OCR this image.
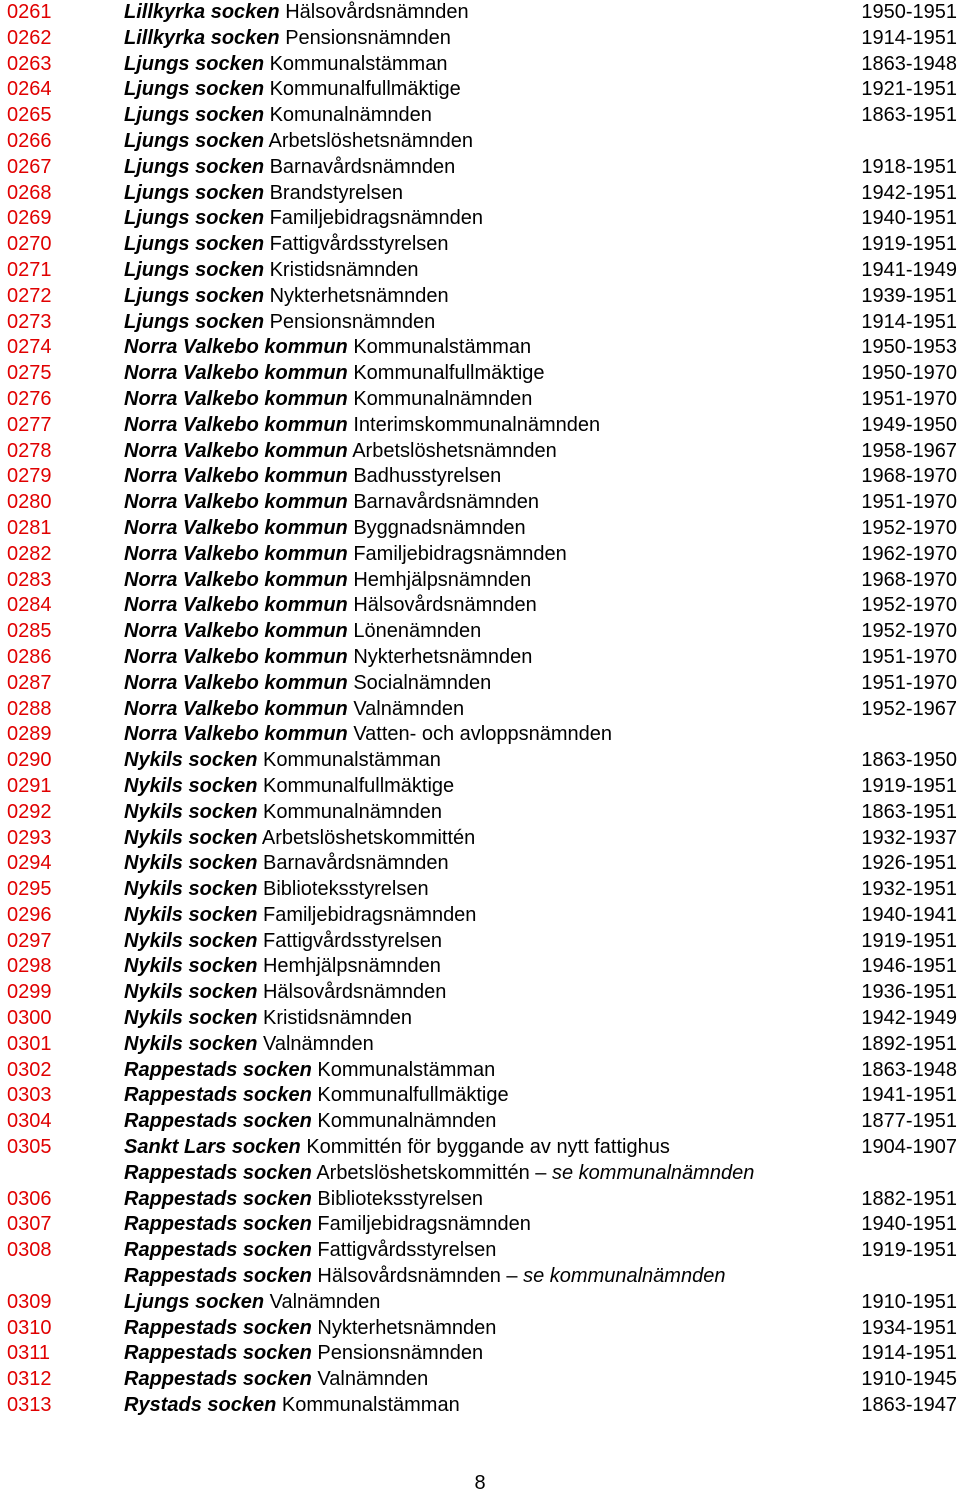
0261	Lillkyrka socken Hälsovårdsnämnden	1950-1951
0262	Lillkyrka socken Pensionsnämnden	1914-1951
0263	Ljungs socken Kommunalstämman	1863-1948
0264	Ljungs socken Kommunalfullmäktige	1921-1951
0265	Ljungs socken Komunalnämnden	1863-1951
0266	Ljungs socken Arbetslöshetsnämnden
0267	Ljungs socken Barnavårdsnämnden	1918-1951
0268	Ljungs socken Brandstyrelsen	1942-1951
0269	Ljungs socken Familjebidragsnämnden	1940-1951
0270	Ljungs socken Fattigvårdsstyrelsen	1919-1951
0271	Ljungs socken Kristidsnämnden	1941-1949
0272	Ljungs socken Nykterhetsnämnden	1939-1951
0273	Ljungs socken Pensionsnämnden	1914-1951
0274	Norra Valkebo kommun Kommunalstämman	1950-1953
0275	Norra Valkebo kommun Kommunalfullmäktige	1950-1970
0276	Norra Valkebo kommun Kommunalnämnden	1951-1970
0277	Norra Valkebo kommun Interimskommunalnämnden	1949-1950
0278	Norra Valkebo kommun Arbetslöshetsnämnden	1958-1967
0279	Norra Valkebo kommun Badhusstyrelsen	1968-1970
0280	Norra Valkebo kommun Barnavårdsnämnden	1951-1970
0281	Norra Valkebo kommun Byggnadsnämnden	1952-1970
0282	Norra Valkebo kommun Familjebidragsnämnden	1962-1970
0283	Norra Valkebo kommun Hemhjälpsnämnden	1968-1970
0284	Norra Valkebo kommun Hälsovårdsnämnden	1952-1970
0285	Norra Valkebo kommun Lönenämnden	1952-1970
0286	Norra Valkebo kommun Nykterhetsnämnden	1951-1970
0287	Norra Valkebo kommun Socialnämnden	1951-1970
0288	Norra Valkebo kommun Valnämnden	1952-1967
0289	Norra Valkebo kommun Vatten- och avloppsnämnden
0290	Nykils socken Kommunalstämman	1863-1950
0291	Nykils socken Kommunalfullmäktige	1919-1951
0292	Nykils socken Kommunalnämnden	1863-1951
0293	Nykils socken Arbetslöshetskommittén	1932-1937
0294	Nykils socken Barnavårdsnämnden	1926-1951
0295	Nykils socken Biblioteksstyrelsen	1932-1951
0296	Nykils socken Familjebidragsnämnden	1940-1941
0297	Nykils socken Fattigvårdsstyrelsen	1919-1951
0298	Nykils socken Hemhjälpsnämnden	1946-1951
0299	Nykils socken Hälsovårdsnämnden	1936-1951
0300	Nykils socken Kristidsnämnden	1942-1949
0301	Nykils socken Valnämnden	1892-1951
0302	Rappestads socken Kommunalstämman	1863-1948
0303	Rappestads socken Kommunalfullmäktige	1941-1951
0304	Rappestads socken Kommunalnämnden	1877-1951
0305	Sankt Lars socken Kommittén för byggande av nytt fattighus	1904-1907
Rappestads socken Arbetslöshetskommittén – se kommunalnämnden
0306	Rappestads socken Biblioteksstyrelsen	1882-1951
0307	Rappestads socken Familjebidragsnämnden	1940-1951
0308	Rappestads socken Fattigvårdsstyrelsen	1919-1951
Rappestads socken Hälsovårdsnämnden – se kommunalnämnden
0309	Ljungs socken Valnämnden	1910-1951
0310	Rappestads socken Nykterhetsnämnden	1934-1951
0311	Rappestads socken Pensionsnämnden	1914-1951
0312	Rappestads socken Valnämnden	1910-1945
0313	Rystads socken Kommunalstämman	1863-1947
8
